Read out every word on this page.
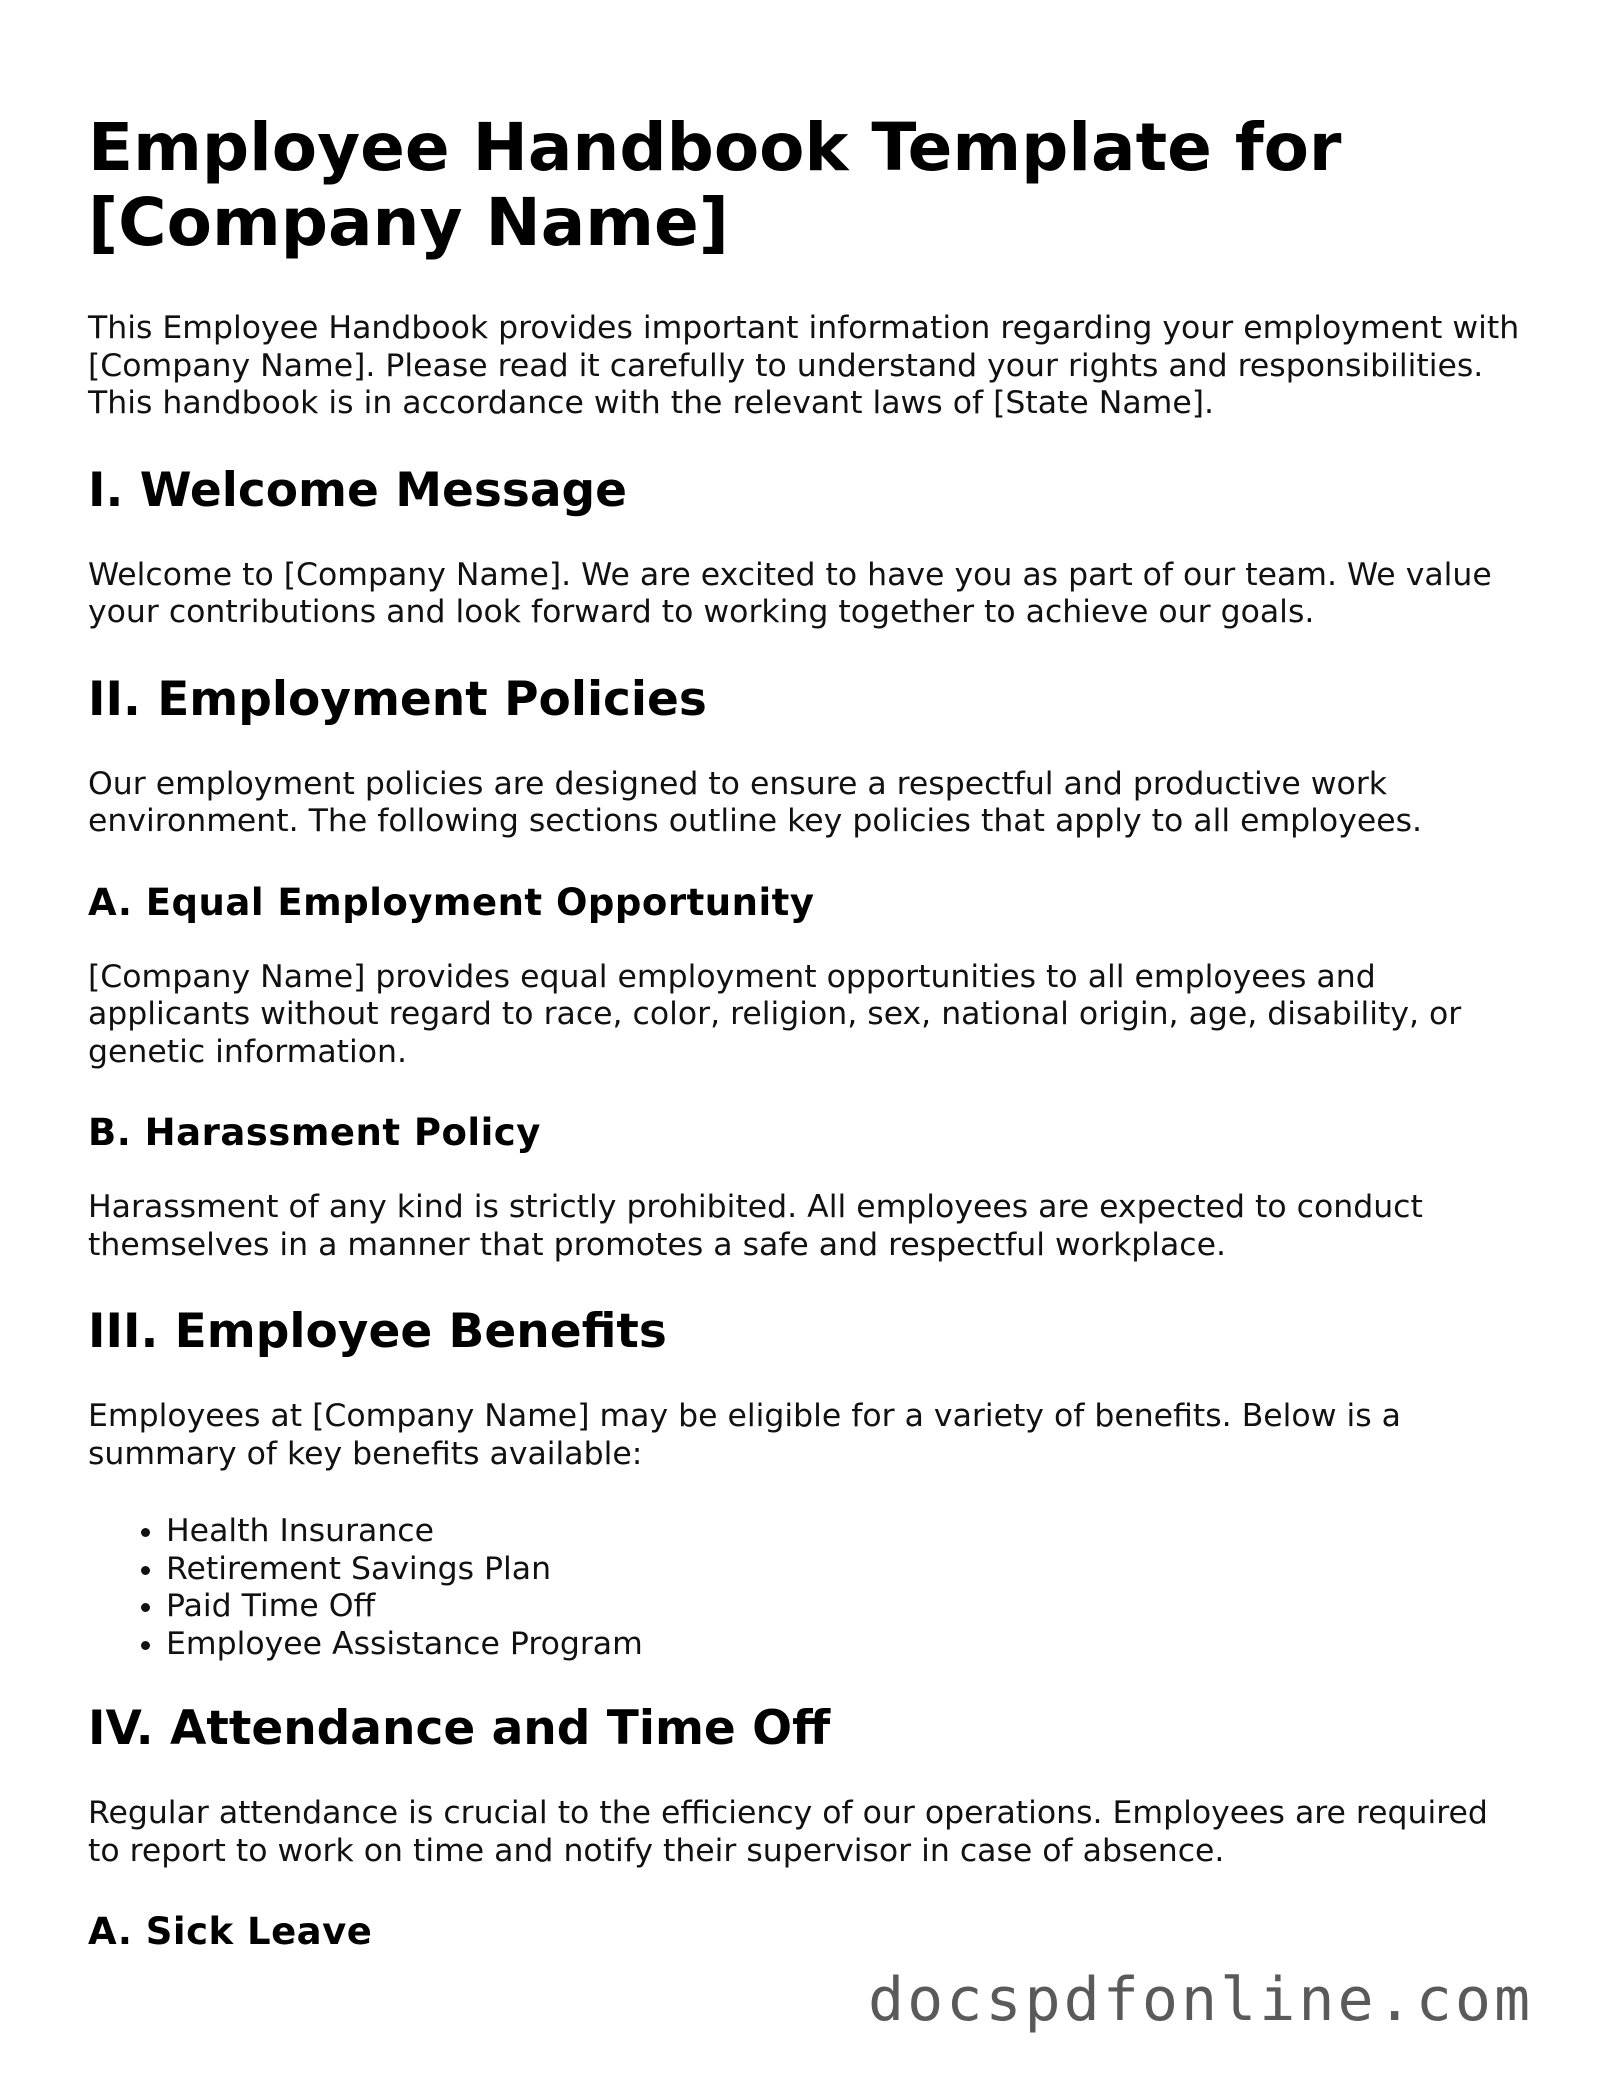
Employee Handbook Template for [Company Name]

This Employee Handbook provides important information regarding your employment with [Company Name]. Please read it carefully to understand your rights and responsibilities. This handbook is in accordance with the relevant laws of [State Name].

I. Welcome Message

Welcome to [Company Name]. We are excited to have you as part of our team. We value your contributions and look forward to working together to achieve our goals.

II. Employment Policies

Our employment policies are designed to ensure a respectful and productive work environment. The following sections outline key policies that apply to all employees.

A. Equal Employment Opportunity

[Company Name] provides equal employment opportunities to all employees and applicants without regard to race, color, religion, sex, national origin, age, disability, or genetic information.

B. Harassment Policy

Harassment of any kind is strictly prohibited. All employees are expected to conduct themselves in a manner that promotes a safe and respectful workplace.

III. Employee Benefits

Employees at [Company Name] may be eligible for a variety of benefits. Below is a summary of key benefits available:

• Health Insurance
• Retirement Savings Plan
• Paid Time Off
• Employee Assistance Program
IV. Attendance and Time Off

Regular attendance is crucial to the efficiency of our operations. Employees are required to report to work on time and notify their supervisor in case of absence.

A. Sick Leave
docspdfonline.com
